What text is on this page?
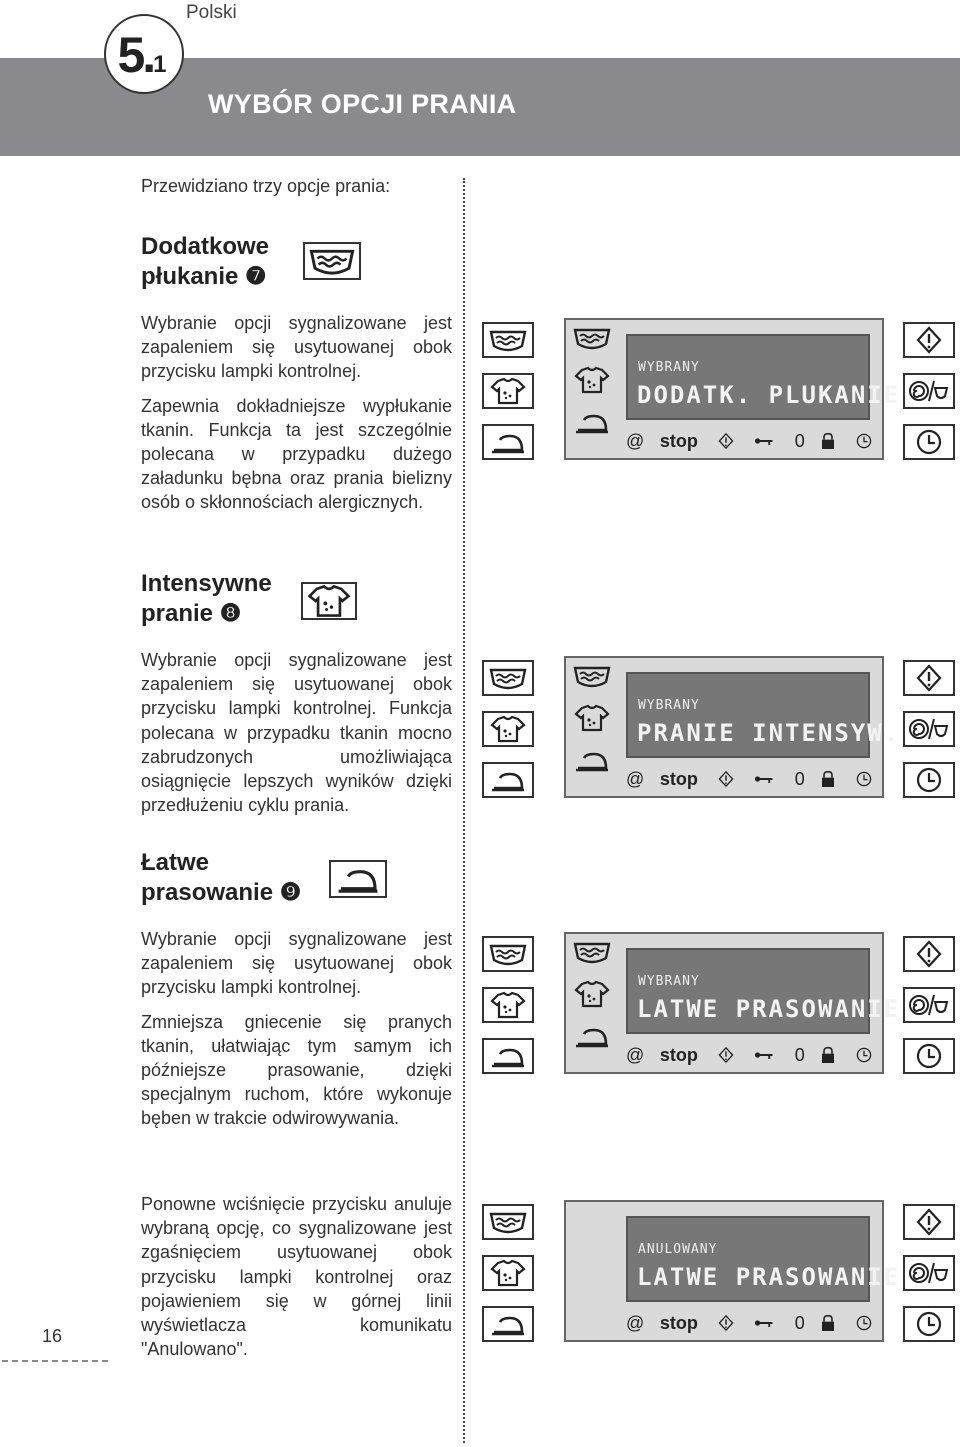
5. 1
Polski
WYBÓR OPCJI PRANIA
Przewidziano trzy opcje prania:
Dodatkowe
płukanie ❼

Wybranie opcji sygnalizowane jest zapaleniem się usytuowanej obok przycisku lampki kontrolnej.

Zapewnia dokładniejsze wypłukanie tkanin. Funkcja ta jest szczególnie polecana w przypadku dużego załadunku bębna oraz prania bielizny osób o skłonnościach alergicznych.

Intensywne
pranie ❽

Wybranie opcji sygnalizowane jest zapaleniem się usytuowanej obok przycisku lampki kontrolnej. Funkcja polecana w przypadku tkanin mocno zabrudzonych umożliwiająca osiągnięcie lepszych wyników dzięki przedłużeniu cyklu prania.

Łatwe
prasowanie ❾

Wybranie opcji sygnalizowane jest zapaleniem się usytuowanej obok przycisku lampki kontrolnej.

Zmniejsza gniecenie się pranych tkanin, ułatwiając tym samym ich późniejsze prasowanie, dzięki specjalnym ruchom, które wykonuje bęben w trakcie odwirowywania.

Ponowne wciśnięcie przycisku anuluje wybraną opcję, co sygnalizowane jest zgaśnięciem usytuowanej obok przycisku lampki kontrolnej oraz pojawieniem się w górnej linii wyświetlacza komunikatu "Anulowano".

WYBRANY
DODATK. PLUKANIE
@ stop	0
WYBRANY
PRANIE INTENSYW.
@ stop	0
WYBRANY
LATWE PRASOWANIE
@ stop	0
ANULOWANY
LATWE PRASOWANIE
@ stop	0
16
